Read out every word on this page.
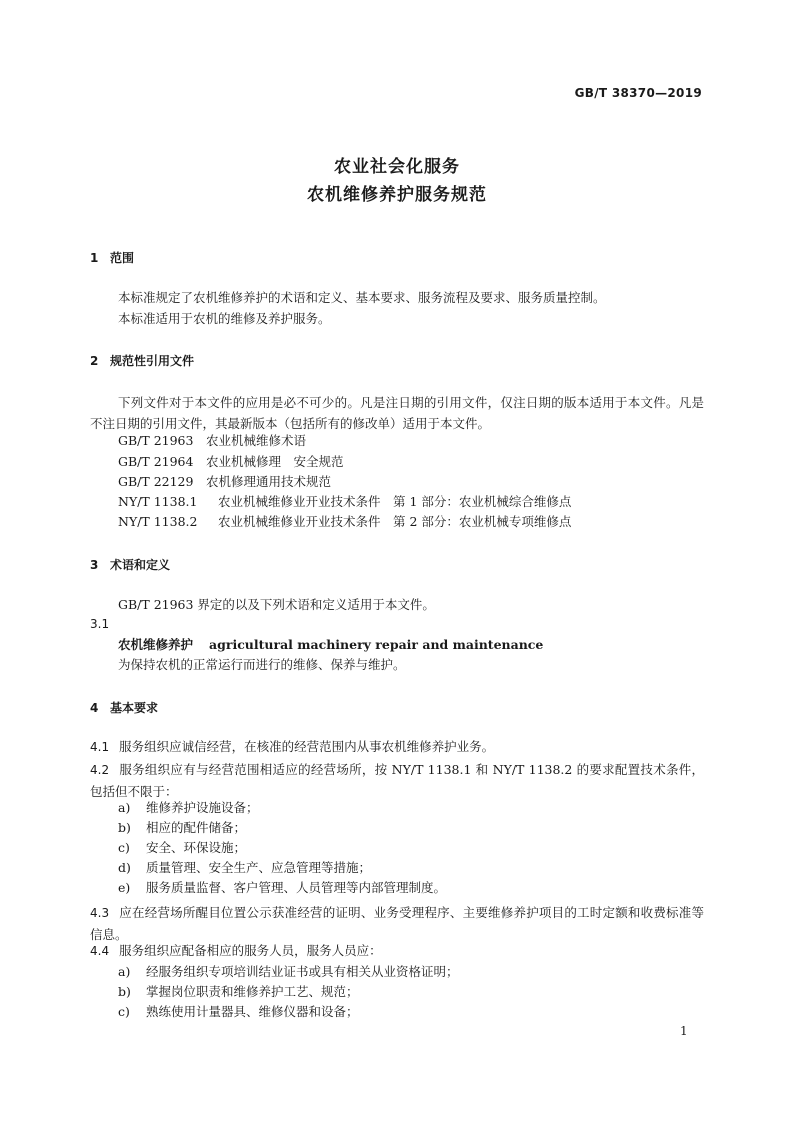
GB/T 38370—2019
农业社会化服务
农机维修养护服务规范
1 范围
本标准规定了农机维修养护的术语和定义、基本要求、服务流程及要求、服务质量控制。
本标准适用于农机的维修及养护服务。
2 规范性引用文件
下列文件对于本文件的应用是必不可少的。凡是注日期的引用文件，仅注日期的版本适用于本文件。凡是不注日期的引用文件，其最新版本（包括所有的修改单）适用于本文件。
GB/T 21963 农业机械维修术语
GB/T 21964 农业机械修理　安全规范
GB/T 22129 农机修理通用技术规范
NY/T 1138.1 农业机械维修业开业技术条件　第 1 部分：农业机械综合维修点
NY/T 1138.2 农业机械维修业开业技术条件　第 2 部分：农业机械专项维修点
3 术语和定义
GB/T 21963 界定的以及下列术语和定义适用于本文件。
3.1
农机维修养护 agricultural machinery repair and maintenance
为保持农机的正常运行而进行的维修、保养与维护。
4 基本要求
4.1 服务组织应诚信经营，在核准的经营范围内从事农机维修养护业务。
4.2 服务组织应有与经营范围相适应的经营场所，按 NY/T 1138.1 和 NY/T 1138.2 的要求配置技术条件，包括但不限于：
a) 维修养护设施设备；
b) 相应的配件储备；
c) 安全、环保设施；
d) 质量管理、安全生产、应急管理等措施；
e) 服务质量监督、客户管理、人员管理等内部管理制度。
4.3 应在经营场所醒目位置公示获准经营的证明、业务受理程序、主要维修养护项目的工时定额和收费标准等信息。
4.4 服务组织应配备相应的服务人员，服务人员应：
a) 经服务组织专项培训结业证书或具有相关从业资格证明；
b) 掌握岗位职责和维修养护工艺、规范；
c) 熟练使用计量器具、维修仪器和设备；
1
